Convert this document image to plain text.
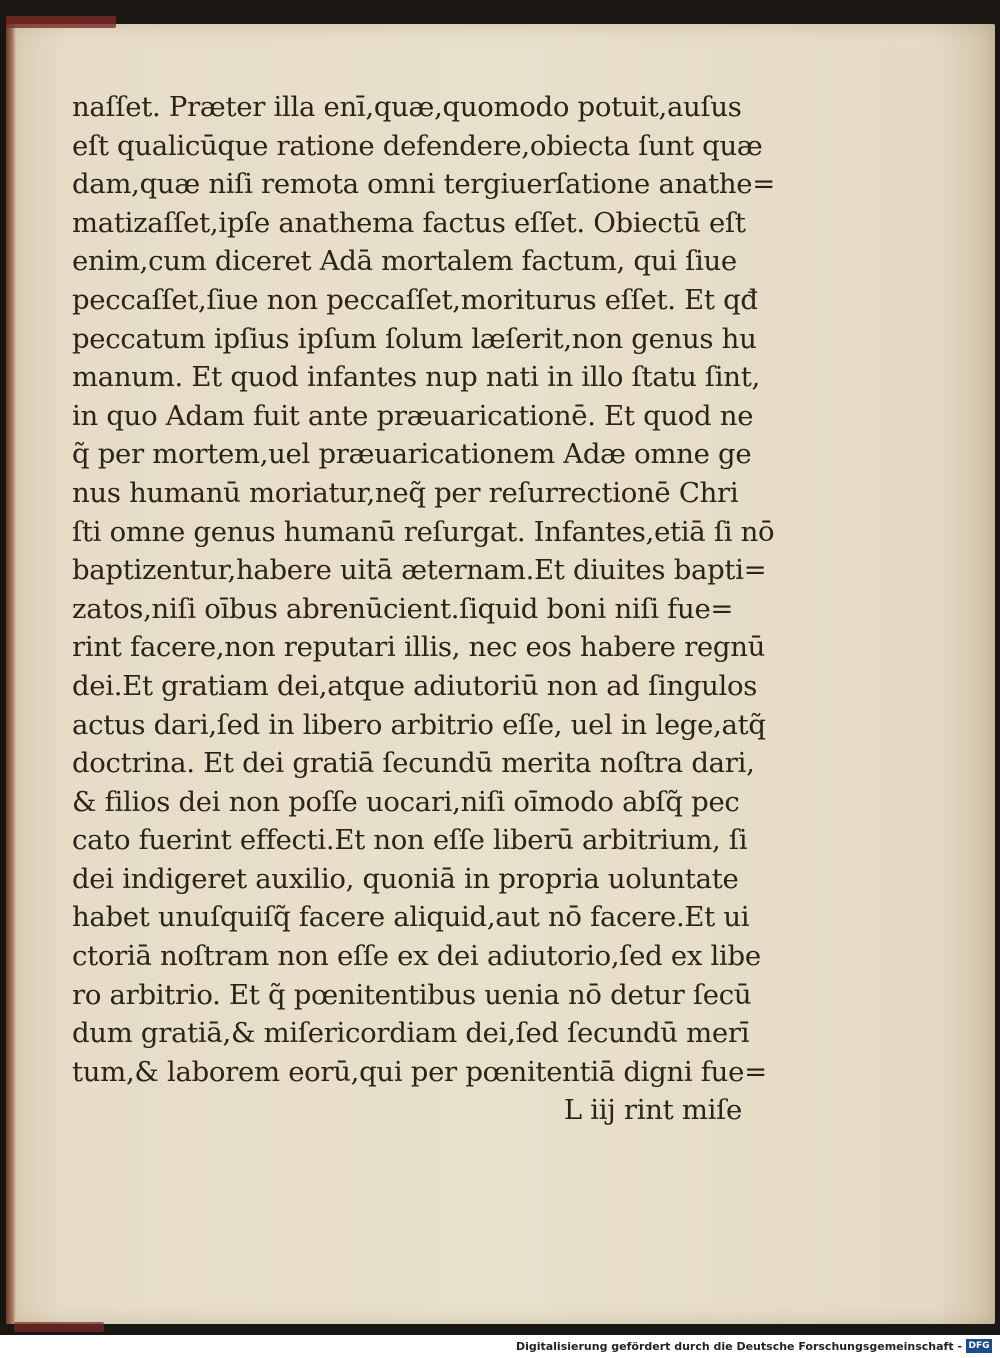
naſſet. Præter illa enī,quæ,quomodo potuit,auſus
eſt qualicūque ratione defendere,obiecta ſunt quæ
dam,quæ niſi remota omni tergiuerſatione anathe=
matizaſſet,ipſe anathema factus eſſet. Obiectū eſt
enim,cum diceret Adā mortalem factum, qui ſiue
peccaſſet,ſiue non peccaſſet,moriturus eſſet. Et qđ
peccatum ipſius ipſum ſolum læſerit,non genus hu
manum. Et quod infantes nup nati in illo ſtatu ſint,
in quo Adam fuit ante præuaricationē. Et quod ne
q̃ per mortem,uel præuaricationem Adæ omne ge
nus humanū moriatur,neq̃ per reſurrectionē Chri
ſti omne genus humanū reſurgat. Infantes,etiā ſi nō
baptizentur,habere uitā æternam.Et diuites bapti=
zatos,niſi oībus abrenūcient.ſiquid boni niſi fue=
rint facere,non reputari illis, nec eos habere regnū
dei.Et gratiam dei,atque adiutoriū non ad ſingulos
actus dari,ſed in libero arbitrio eſſe, uel in lege,atq̃
doctrina. Et dei gratiā ſecundū merita noſtra dari,
& filios dei non poſſe uocari,niſi oīmodo abſq̃ pec
cato fuerint effecti.Et non eſſe liberū arbitrium, ſi
dei indigeret auxilio, quoniā in propria uoluntate
habet unuſquiſq̃ facere aliquid,aut nō facere.Et ui
ctoriā noſtram non eſſe ex dei adiutorio,ſed ex libe
ro arbitrio. Et q̃ pœnitentibus uenia nō detur ſecū
dum gratiā,& miſericordiam dei,ſed ſecundū merī
tum,& laborem eorū,qui per pœnitentiā digni fue=
L iij rint miſe
Digitalisierung gefördert durch die Deutsche Forschungsgemeinschaft - DFG
